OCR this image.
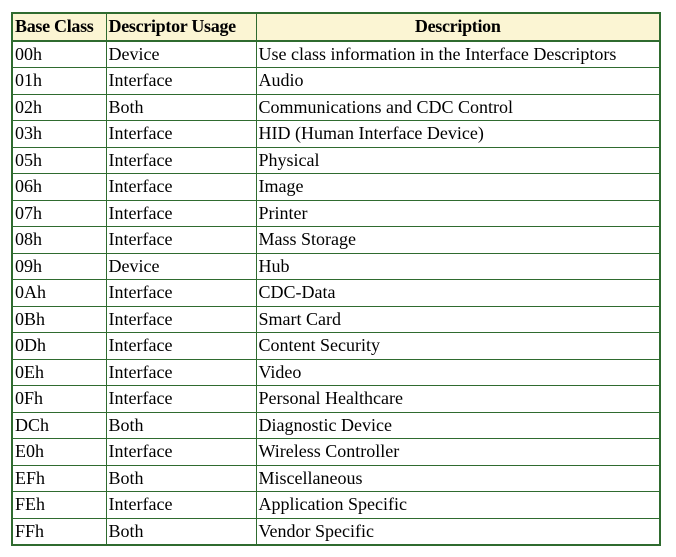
Base Class	Descriptor Usage	Description
00h	Device	Use class information in the Interface Descriptors
01h	Interface	Audio
02h	Both	Communications and CDC Control
03h	Interface	HID (Human Interface Device)
05h	Interface	Physical
06h	Interface	Image
07h	Interface	Printer
08h	Interface	Mass Storage
09h	Device	Hub
0Ah	Interface	CDC-Data
0Bh	Interface	Smart Card
0Dh	Interface	Content Security
0Eh	Interface	Video
0Fh	Interface	Personal Healthcare
DCh	Both	Diagnostic Device
E0h	Interface	Wireless Controller
EFh	Both	Miscellaneous
FEh	Interface	Application Specific
FFh	Both	Vendor Specific
